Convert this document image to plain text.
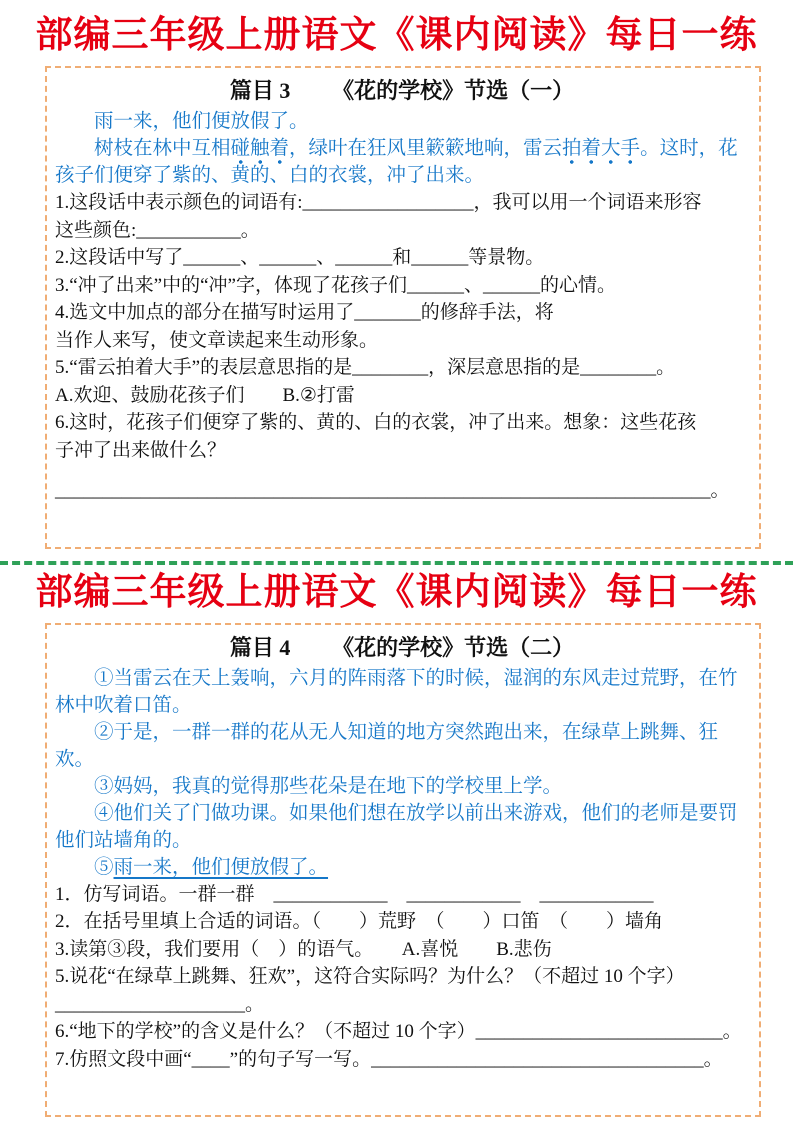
部编三年级上册语文《课内阅读》每日一练
篇目 3 《花的学校》节选（一）

雨一来，他们便放假了。

树枝在林中互相碰触着，绿叶在狂风里簌簌地响，雷云拍着大手。这时，花孩子们便穿了紫的、黄的、白的衣裳，冲了出来。

1.这段话中表示颜色的词语有:__________________，我可以用一个词语来形容
这些颜色:___________。
2.这段话中写了______、______、______和______等景物。
3.“冲了出来”中的“冲”字，体现了花孩子们______、______的心情。
4.选文中加点的部分在描写时运用了_______的修辞手法，将
当作人来写，使文章读起来生动形象。
5.“雷云拍着大手”的表层意思指的是________，深层意思指的是________。
A.欢迎、鼓励花孩子们　　B.②打雷
6.这时，花孩子们便穿了紫的、黄的、白的衣裳，冲了出来。想象：这些花孩
子冲了出来做什么？

_____________________________________________________________________。
部编三年级上册语文《课内阅读》每日一练
篇目 4 《花的学校》节选（二）

①当雷云在天上轰响，六月的阵雨落下的时候，湿润的东风走过荒野，在竹林中吹着口笛。

②于是，一群一群的花从无人知道的地方突然跑出来，在绿草上跳舞、狂欢。

③妈妈，我真的觉得那些花朵是在地下的学校里上学。

④他们关了门做功课。如果他们想在放学以前出来游戏，他们的老师是要罚他们站墙角的。

⑤雨一来，他们便放假了。

1．仿写词语。一群一群　____________　____________　____________
2．在括号里填上合适的词语。（　　）荒野　（　　）口笛　（　　）墙角
3.读第③段，我们要用（　）的语气。　　A.喜悦　　B.悲伤
5.说花“在绿草上跳舞、狂欢”，这符合实际吗？为什么？（不超过 10 个字）
____________________。
6.“地下的学校”的含义是什么？（不超过 10 个字）__________________________。
7.仿照文段中画“____”的句子写一写。___________________________________。
